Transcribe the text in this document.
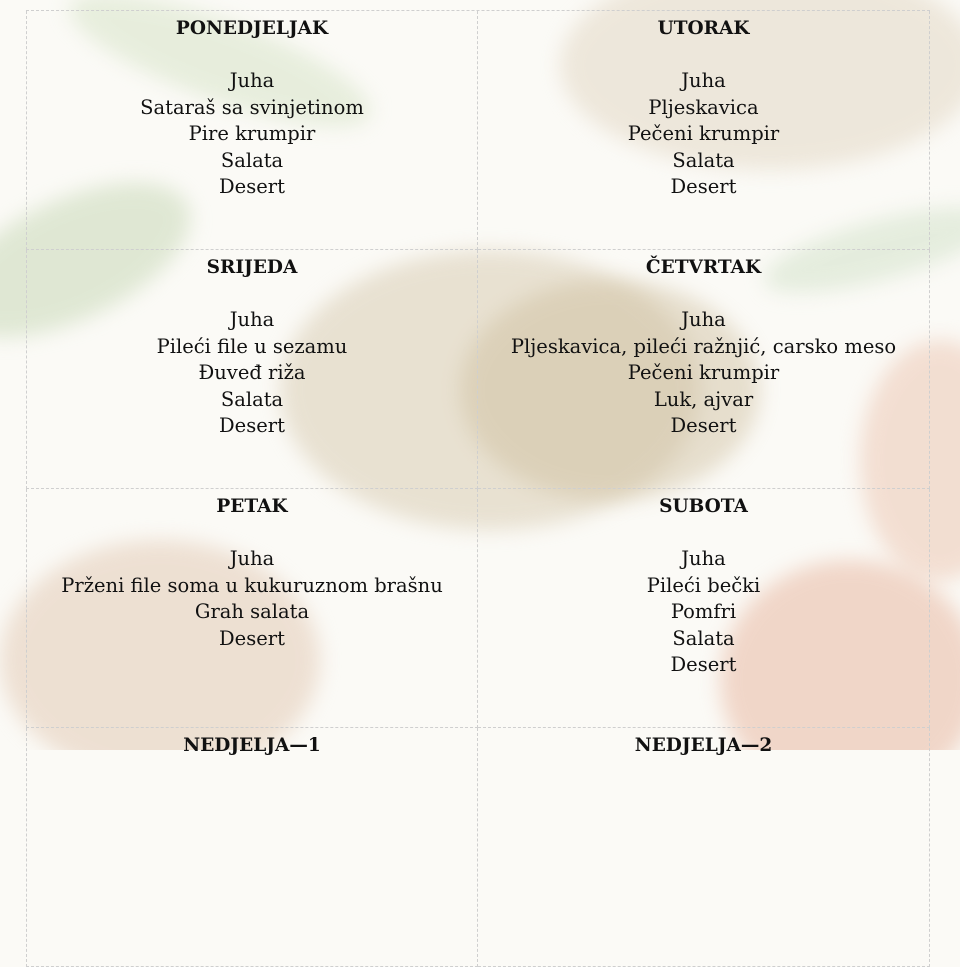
PONEDJELJAK
Juha
Sataraš sa svinjetinom
Pire krumpir
Salata
Desert
UTORAK
Juha
Pljeskavica
Pečeni krumpir
Salata
Desert
SRIJEDA
Juha
Pileći file u sezamu
Đuveđ riža
Salata
Desert
ČETVRTAK
Juha
Pljeskavica, pileći ražnjić, carsko meso
Pečeni krumpir
Luk, ajvar
Desert
PETAK
Juha
Prženi file soma u kukuruznom brašnu
Grah salata
Desert
SUBOTA
Juha
Pileći bečki
Pomfri
Salata
Desert
NEDJELJA—1	NEDJELJA—2
